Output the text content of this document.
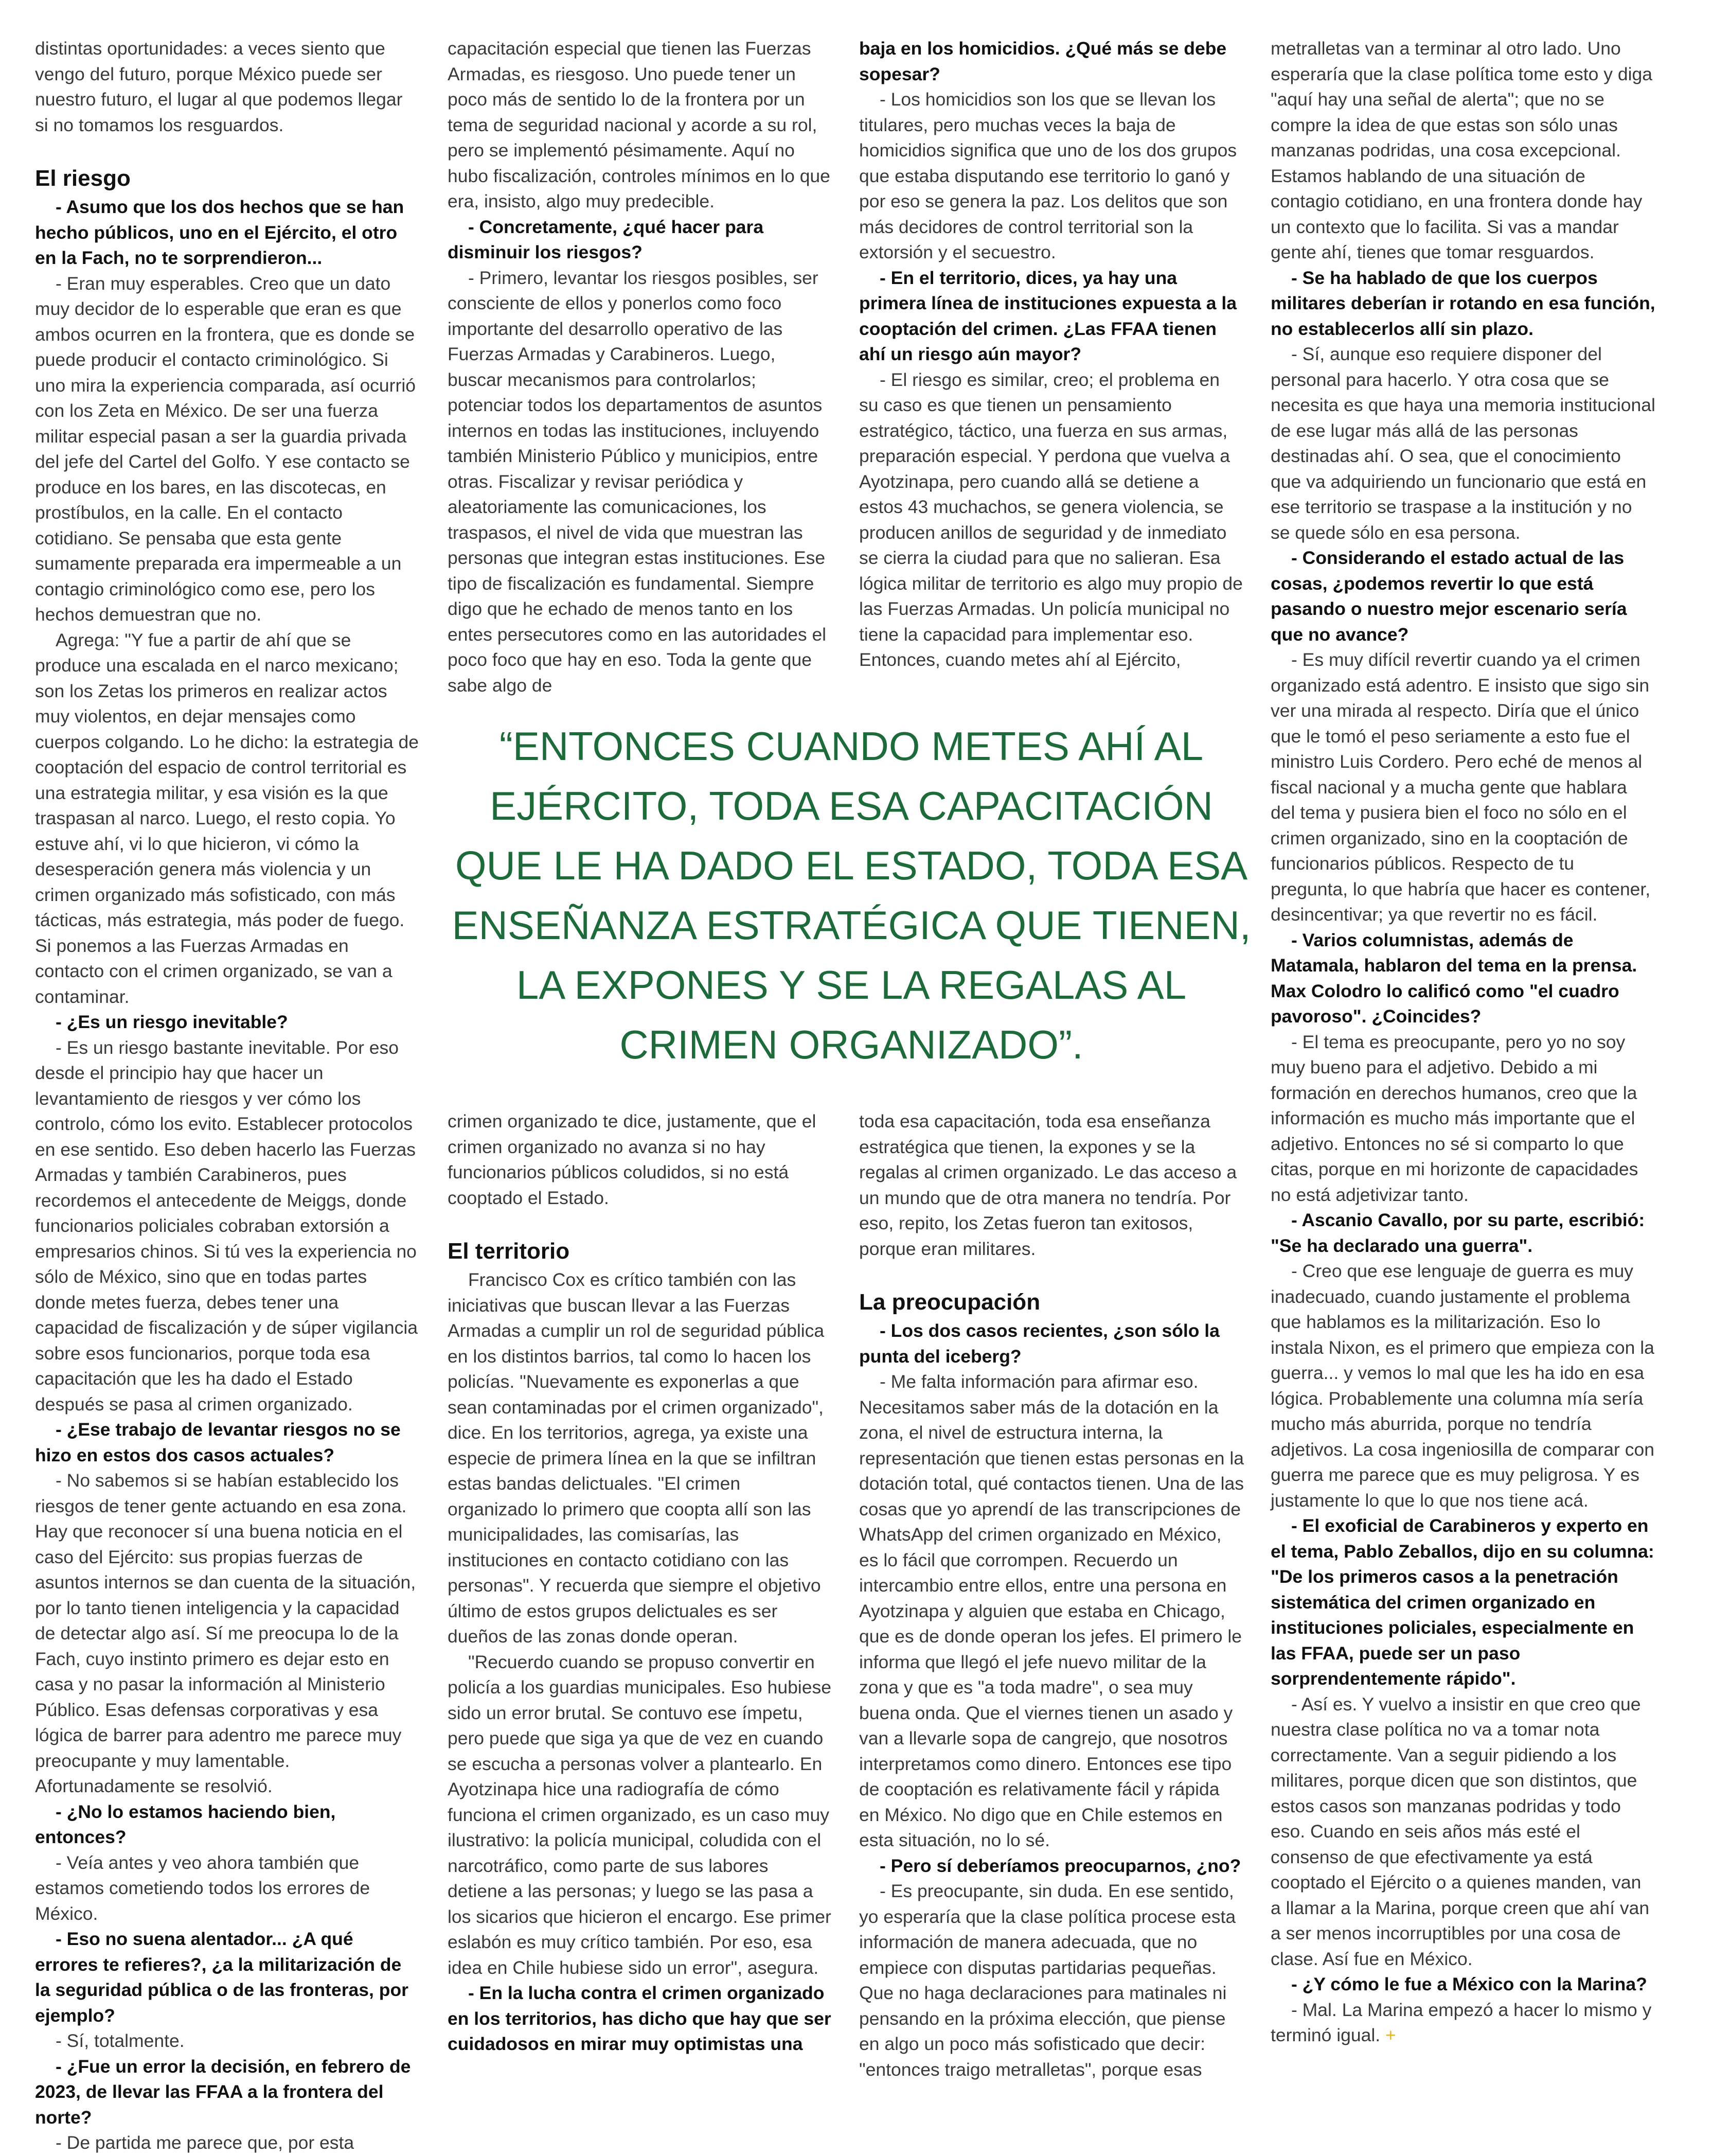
distintas oportunidades: a veces siento que vengo del futuro, porque México puede ser nuestro futuro, el lugar al que podemos llegar si no tomamos los resguardos.

El riesgo

- Asumo que los dos hechos que se han hecho públicos, uno en el Ejército, el otro en la Fach, no te sorprendieron...

- Eran muy esperables. Creo que un dato muy decidor de lo esperable que eran es que ambos ocurren en la frontera, que es donde se puede producir el contacto criminológico. Si uno mira la experiencia comparada, así ocurrió con los Zeta en México. De ser una fuerza militar especial pasan a ser la guardia privada del jefe del Cartel del Golfo. Y ese contacto se produce en los bares, en las discotecas, en prostíbulos, en la calle. En el contacto cotidiano. Se pensaba que esta gente sumamente preparada era impermeable a un contagio criminológico como ese, pero los hechos demuestran que no.

Agrega: "Y fue a partir de ahí que se produce una escalada en el narco mexicano; son los Zetas los primeros en realizar actos muy violentos, en dejar mensajes como cuerpos colgando. Lo he dicho: la estrategia de cooptación del espacio de control territorial es una estrategia militar, y esa visión es la que traspasan al narco. Luego, el resto copia. Yo estuve ahí, vi lo que hicieron, vi cómo la desesperación genera más violencia y un crimen organizado más sofisticado, con más tácticas, más estrategia, más poder de fuego. Si ponemos a las Fuerzas Armadas en contacto con el crimen organizado, se van a contaminar.

- ¿Es un riesgo inevitable?

- Es un riesgo bastante inevitable. Por eso desde el principio hay que hacer un levantamiento de riesgos y ver cómo los controlo, cómo los evito. Establecer protocolos en ese sentido. Eso deben hacerlo las Fuerzas Armadas y también Carabineros, pues recordemos el antecedente de Meiggs, donde funcionarios policiales cobraban extorsión a empresarios chinos. Si tú ves la experiencia no sólo de México, sino que en todas partes donde metes fuerza, debes tener una capacidad de fiscalización y de súper vigilancia sobre esos funcionarios, porque toda esa capacitación que les ha dado el Estado después se pasa al crimen organizado.

- ¿Ese trabajo de levantar riesgos no se hizo en estos dos casos actuales?

- No sabemos si se habían establecido los riesgos de tener gente actuando en esa zona. Hay que reconocer sí una buena noticia en el caso del Ejército: sus propias fuerzas de asuntos internos se dan cuenta de la situación, por lo tanto tienen inteligencia y la capacidad de detectar algo así. Sí me preocupa lo de la Fach, cuyo instinto primero es dejar esto en casa y no pasar la información al Ministerio Público. Esas defensas corporativas y esa lógica de barrer para adentro me parece muy preocupante y muy lamentable. Afortunadamente se resolvió.

- ¿No lo estamos haciendo bien, entonces?

- Veía antes y veo ahora también que estamos cometiendo todos los errores de México.

- Eso no suena alentador... ¿A qué errores te refieres?, ¿a la militarización de la seguridad pública o de las fronteras, por ejemplo?

- Sí, totalmente.

- ¿Fue un error la decisión, en febrero de 2023, de llevar las FFAA a la frontera del norte?

- De partida me parece que, por esta

capacitación especial que tienen las Fuerzas Armadas, es riesgoso. Uno puede tener un poco más de sentido lo de la frontera por un tema de seguridad nacional y acorde a su rol, pero se implementó pésimamente. Aquí no hubo fiscalización, controles mínimos en lo que era, insisto, algo muy predecible.

- Concretamente, ¿qué hacer para disminuir los riesgos?

- Primero, levantar los riesgos posibles, ser consciente de ellos y ponerlos como foco importante del desarrollo operativo de las Fuerzas Armadas y Carabineros. Luego, buscar mecanismos para controlarlos; potenciar todos los departamentos de asuntos internos en todas las instituciones, incluyendo también Ministerio Público y municipios, entre otras. Fiscalizar y revisar periódica y aleatoriamente las comunicaciones, los traspasos, el nivel de vida que muestran las personas que integran estas instituciones. Ese tipo de fiscalización es fundamental. Siempre digo que he echado de menos tanto en los entes persecutores como en las autoridades el poco foco que hay en eso. Toda la gente que sabe algo de

baja en los homicidios. ¿Qué más se debe sopesar?

- Los homicidios son los que se llevan los titulares, pero muchas veces la baja de homicidios significa que uno de los dos grupos que estaba disputando ese territorio lo ganó y por eso se genera la paz. Los delitos que son más decidores de control territorial son la extorsión y el secuestro.

- En el territorio, dices, ya hay una primera línea de instituciones expuesta a la cooptación del crimen. ¿Las FFAA tienen ahí un riesgo aún mayor?

- El riesgo es similar, creo; el problema en su caso es que tienen un pensamiento estratégico, táctico, una fuerza en sus armas, preparación especial. Y perdona que vuelva a Ayotzinapa, pero cuando allá se detiene a estos 43 muchachos, se genera violencia, se producen anillos de seguridad y de inmediato se cierra la ciudad para que no salieran. Esa lógica militar de territorio es algo muy propio de las Fuerzas Armadas. Un policía municipal no tiene la capacidad para implementar eso. Entonces, cuando metes ahí al Ejército,

“ENTONCES CUANDO METES AHÍ AL EJÉRCITO, TODA ESA CAPACITACIÓN QUE LE HA DADO EL ESTADO, TODA ESA ENSEÑANZA ESTRATÉGICA QUE TIENEN, LA EXPONES Y SE LA REGALAS AL CRIMEN ORGANIZADO”.

crimen organizado te dice, justamente, que el crimen organizado no avanza si no hay funcionarios públicos coludidos, si no está cooptado el Estado.

El territorio

Francisco Cox es crítico también con las iniciativas que buscan llevar a las Fuerzas Armadas a cumplir un rol de seguridad pública en los distintos barrios, tal como lo hacen los policías. "Nuevamente es exponerlas a que sean contaminadas por el crimen organizado", dice. En los territorios, agrega, ya existe una especie de primera línea en la que se infiltran estas bandas delictuales. "El crimen organizado lo primero que coopta allí son las municipalidades, las comisarías, las instituciones en contacto cotidiano con las personas". Y recuerda que siempre el objetivo último de estos grupos delictuales es ser dueños de las zonas donde operan.

"Recuerdo cuando se propuso convertir en policía a los guardias municipales. Eso hubiese sido un error brutal. Se contuvo ese ímpetu, pero puede que siga ya que de vez en cuando se escucha a personas volver a plantearlo. En Ayotzinapa hice una radiografía de cómo funciona el crimen organizado, es un caso muy ilustrativo: la policía municipal, coludida con el narcotráfico, como parte de sus labores detiene a las personas; y luego se las pasa a los sicarios que hicieron el encargo. Ese primer eslabón es muy crítico también. Por eso, esa idea en Chile hubiese sido un error", asegura.

- En la lucha contra el crimen organizado en los territorios, has dicho que hay que ser cuidadosos en mirar muy optimistas una

toda esa capacitación, toda esa enseñanza estratégica que tienen, la expones y se la regalas al crimen organizado. Le das acceso a un mundo que de otra manera no tendría. Por eso, repito, los Zetas fueron tan exitosos, porque eran militares.

La preocupación

- Los dos casos recientes, ¿son sólo la punta del iceberg?

- Me falta información para afirmar eso. Necesitamos saber más de la dotación en la zona, el nivel de estructura interna, la representación que tienen estas personas en la dotación total, qué contactos tienen. Una de las cosas que yo aprendí de las transcripciones de WhatsApp del crimen organizado en México, es lo fácil que corrompen. Recuerdo un intercambio entre ellos, entre una persona en Ayotzinapa y alguien que estaba en Chicago, que es de donde operan los jefes. El primero le informa que llegó el jefe nuevo militar de la zona y que es "a toda madre", o sea muy buena onda. Que el viernes tienen un asado y van a llevarle sopa de cangrejo, que nosotros interpretamos como dinero. Entonces ese tipo de cooptación es relativamente fácil y rápida en México. No digo que en Chile estemos en esta situación, no lo sé.

- Pero sí deberíamos preocuparnos, ¿no?

- Es preocupante, sin duda. En ese sentido, yo esperaría que la clase política procese esta información de manera adecuada, que no empiece con disputas partidarias pequeñas. Que no haga declaraciones para matinales ni pensando en la próxima elección, que piense en algo un poco más sofisticado que decir: "entonces traigo metralletas", porque esas

metralletas van a terminar al otro lado. Uno esperaría que la clase política tome esto y diga "aquí hay una señal de alerta"; que no se compre la idea de que estas son sólo unas manzanas podridas, una cosa excepcional. Estamos hablando de una situación de contagio cotidiano, en una frontera donde hay un contexto que lo facilita. Si vas a mandar gente ahí, tienes que tomar resguardos.

- Se ha hablado de que los cuerpos militares deberían ir rotando en esa función, no establecerlos allí sin plazo.

- Sí, aunque eso requiere disponer del personal para hacerlo. Y otra cosa que se necesita es que haya una memoria institucional de ese lugar más allá de las personas destinadas ahí. O sea, que el conocimiento que va adquiriendo un funcionario que está en ese territorio se traspase a la institución y no se quede sólo en esa persona.

- Considerando el estado actual de las cosas, ¿podemos revertir lo que está pasando o nuestro mejor escenario sería que no avance?

- Es muy difícil revertir cuando ya el crimen organizado está adentro. E insisto que sigo sin ver una mirada al respecto. Diría que el único que le tomó el peso seriamente a esto fue el ministro Luis Cordero. Pero eché de menos al fiscal nacional y a mucha gente que hablara del tema y pusiera bien el foco no sólo en el crimen organizado, sino en la cooptación de funcionarios públicos. Respecto de tu pregunta, lo que habría que hacer es contener, desincentivar; ya que revertir no es fácil.

- Varios columnistas, además de Matamala, hablaron del tema en la prensa. Max Colodro lo calificó como "el cuadro pavoroso". ¿Coincides?

- El tema es preocupante, pero yo no soy muy bueno para el adjetivo. Debido a mi formación en derechos humanos, creo que la información es mucho más importante que el adjetivo. Entonces no sé si comparto lo que citas, porque en mi horizonte de capacidades no está adjetivizar tanto.

- Ascanio Cavallo, por su parte, escribió: "Se ha declarado una guerra".

- Creo que ese lenguaje de guerra es muy inadecuado, cuando justamente el problema que hablamos es la militarización. Eso lo instala Nixon, es el primero que empieza con la guerra... y vemos lo mal que les ha ido en esa lógica. Probablemente una columna mía sería mucho más aburrida, porque no tendría adjetivos. La cosa ingeniosilla de comparar con guerra me parece que es muy peligrosa. Y es justamente lo que lo que nos tiene acá.

- El exoficial de Carabineros y experto en el tema, Pablo Zeballos, dijo en su columna: "De los primeros casos a la penetración sistemática del crimen organizado en instituciones policiales, especialmente en las FFAA, puede ser un paso sorprendentemente rápido".

- Así es. Y vuelvo a insistir en que creo que nuestra clase política no va a tomar nota correctamente. Van a seguir pidiendo a los militares, porque dicen que son distintos, que estos casos son manzanas podridas y todo eso. Cuando en seis años más esté el consenso de que efectivamente ya está cooptado el Ejército o a quienes manden, van a llamar a la Marina, porque creen que ahí van a ser menos incorruptibles por una cosa de clase. Así fue en México.

- ¿Y cómo le fue a México con la Marina?

- Mal. La Marina empezó a hacer lo mismo y terminó igual. +
